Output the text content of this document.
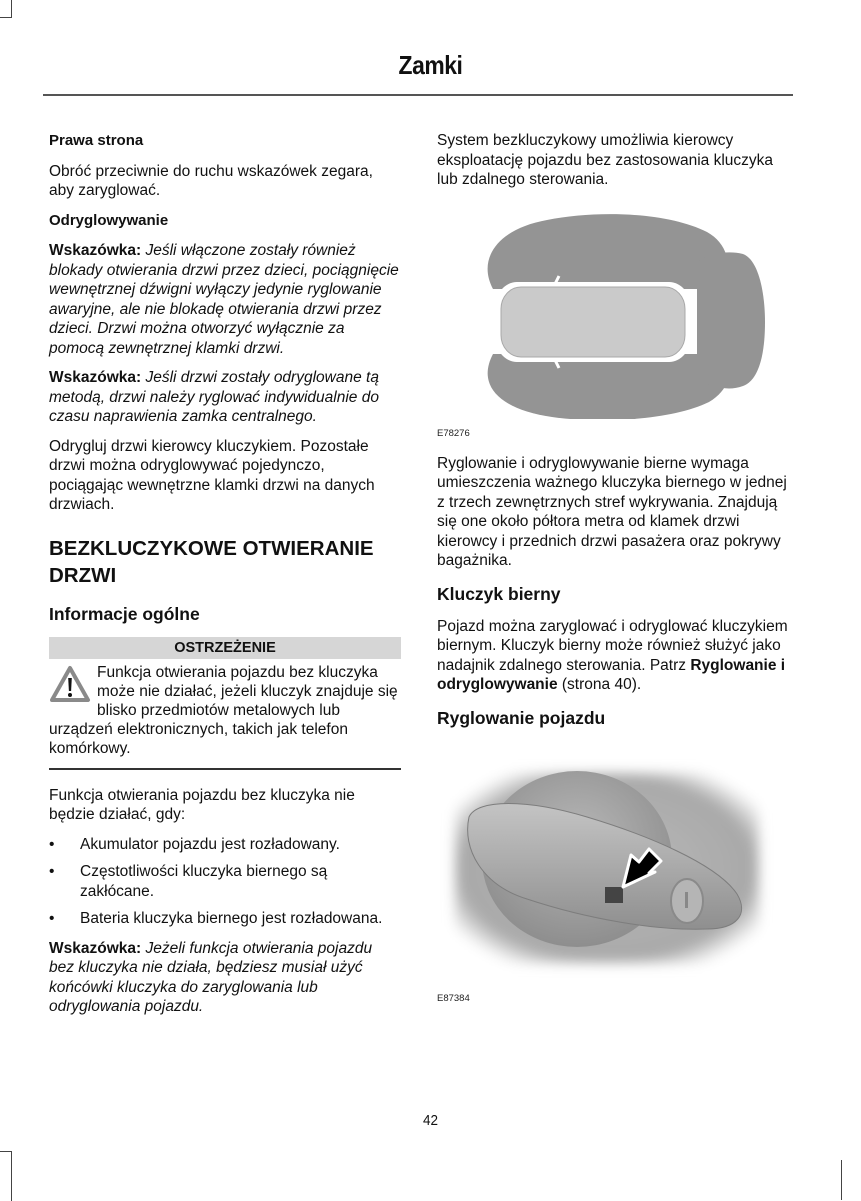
Zamki
Prawa strona

Obróć przeciwnie do ruchu wskazówek zegara, aby zaryglować.

Odryglowywanie

Wskazówka: Jeśli włączone zostały również blokady otwierania drzwi przez dzieci, pociągnięcie wewnętrznej dźwigni wyłączy jedynie ryglowanie awaryjne, ale nie blokadę otwierania drzwi przez dzieci. Drzwi można otworzyć wyłącznie za pomocą zewnętrznej klamki drzwi.

Wskazówka: Jeśli drzwi zostały odryglowane tą metodą, drzwi należy ryglować indywidualnie do czasu naprawienia zamka centralnego.

Odrygluj drzwi kierowcy kluczykiem. Pozostałe drzwi można odryglowywać pojedynczo, pociągając wewnętrzne klamki drzwi na danych drzwiach.

BEZKLUCZYKOWE OTWIERANIE DRZWI
Informacje ogólne
OSTRZEŻENIE
Funkcja otwierania pojazdu bez kluczyka może nie działać, jeżeli kluczyk znajduje się blisko przedmiotów metalowych lub urządzeń elektronicznych, takich jak telefon komórkowy.

Funkcja otwierania pojazdu bez kluczyka nie będzie działać, gdy:

• Akumulator pojazdu jest rozładowany.
• Częstotliwości kluczyka biernego są zakłócane.
• Bateria kluczyka biernego jest rozładowana.

Wskazówka: Jeżeli funkcja otwierania pojazdu bez kluczyka nie działa, będziesz musiał użyć końcówki kluczyka do zaryglowania lub odryglowania pojazdu.

System bezkluczykowy umożliwia kierowcy eksploatację pojazdu bez zastosowania kluczyka lub zdalnego sterowania.

E78276

Ryglowanie i odryglowywanie bierne wymaga umieszczenia ważnego kluczyka biernego w jednej z trzech zewnętrznych stref wykrywania. Znajdują się one około półtora metra od klamek drzwi kierowcy i przednich drzwi pasażera oraz pokrywy bagażnika.

Kluczyk bierny

Pojazd można zaryglować i odryglować kluczykiem biernym. Kluczyk bierny może również służyć jako nadajnik zdalnego sterowania. Patrz Ryglowanie i odryglowywanie (strona 40).

Ryglowanie pojazdu
E87384
42
